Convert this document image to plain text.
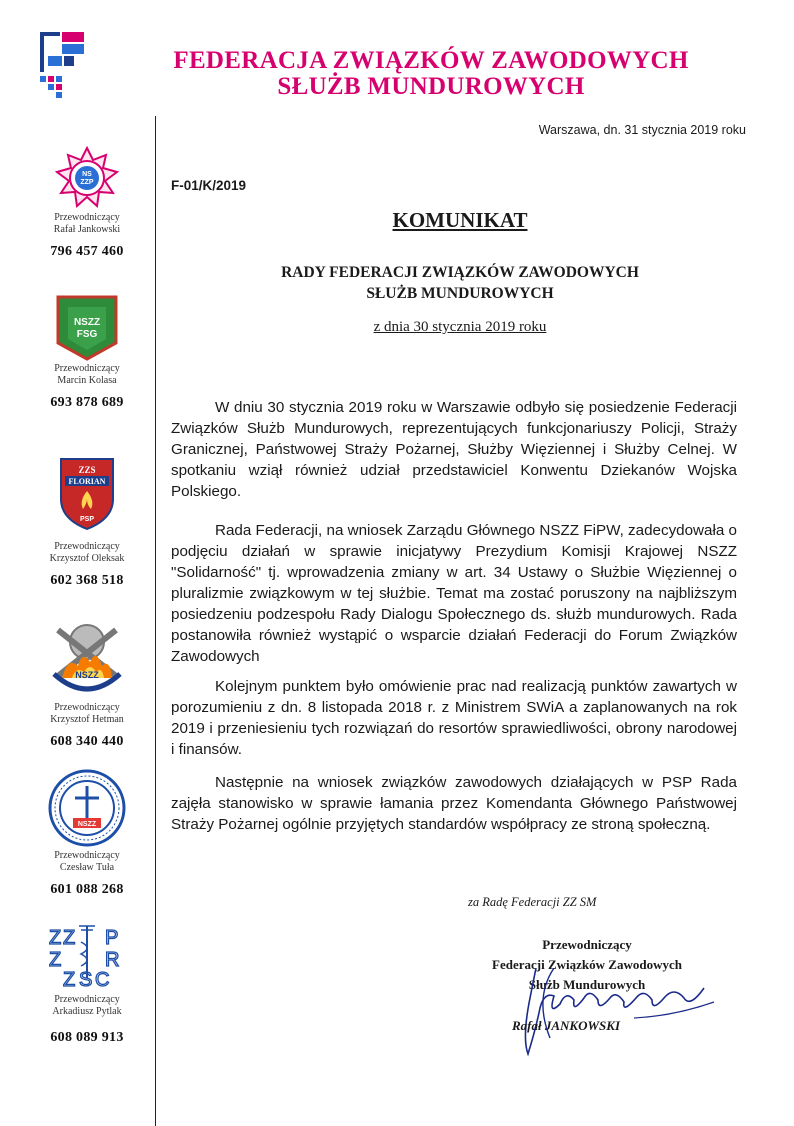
FEDERACJA ZWIĄZKÓW ZAWODOWYCH
SŁUŻB MUNDUROWYCH
NS
ZZP
Przewodniczący
Rafał Jankowski
796 457 460
NSZZ
FSG
Przewodniczący
Marcin Kolasa
693 878 689
ZZS
FLORIAN
PSP
Przewodniczący
Krzysztof Oleksak
602 368 518
NSZZ
Przewodniczący
Krzysztof Hetman
608 340 440
NSZZ
Przewodniczący
Czesław Tuła
601 088 268
Z Z P
Z R
Z S C
Przewodniczący
Arkadiusz Pytlak
608 089 913
Warszawa, dn. 31 stycznia 2019 roku
F-01/K/2019
KOMUNIKAT
RADY FEDERACJI ZWIĄZKÓW ZAWODOWYCH
SŁUŻB MUNDUROWYCH
z dnia 30 stycznia 2019 roku

W dniu 30 stycznia 2019 roku w Warszawie odbyło się posiedzenie Federacji Związków Służb Mundurowych, reprezentujących funkcjonariuszy Policji, Straży Granicznej, Państwowej Straży Pożarnej, Służby Więziennej i Służby Celnej. W spotkaniu wziął również udział przedstawiciel Konwentu Dziekanów Wojska Polskiego.

Rada Federacji, na wniosek Zarządu Głównego NSZZ FiPW, zadecydowała o podjęciu działań w sprawie inicjatywy Prezydium Komisji Krajowej NSZZ "Solidarność" tj. wprowadzenia zmiany w art. 34 Ustawy o Służbie Więziennej o pluralizmie związkowym w tej służbie. Temat ma zostać poruszony na najbliższym posiedzeniu podzespołu Rady Dialogu Społecznego ds. służb mundurowych. Rada postanowiła również wystąpić o wsparcie działań Federacji do Forum Związków Zawodowych

Kolejnym punktem było omówienie prac nad realizacją punktów zawartych w porozumieniu z dn. 8 listopada 2018 r. z Ministrem SWiA a zaplanowanych na rok 2019 i przeniesieniu tych rozwiązań do resortów sprawiedliwości, obrony narodowej i finansów.

Następnie na wniosek związków zawodowych działających w PSP Rada zajęła stanowisko w sprawie łamania przez Komendanta Głównego Państwowej Straży Pożarnej ogólnie przyjętych standardów współpracy ze stroną społeczną.

za Radę Federacji ZZ SM
Przewodniczący
Federacji Związków Zawodowych
Służb Mundurowych
Rafał JANKOWSKI
